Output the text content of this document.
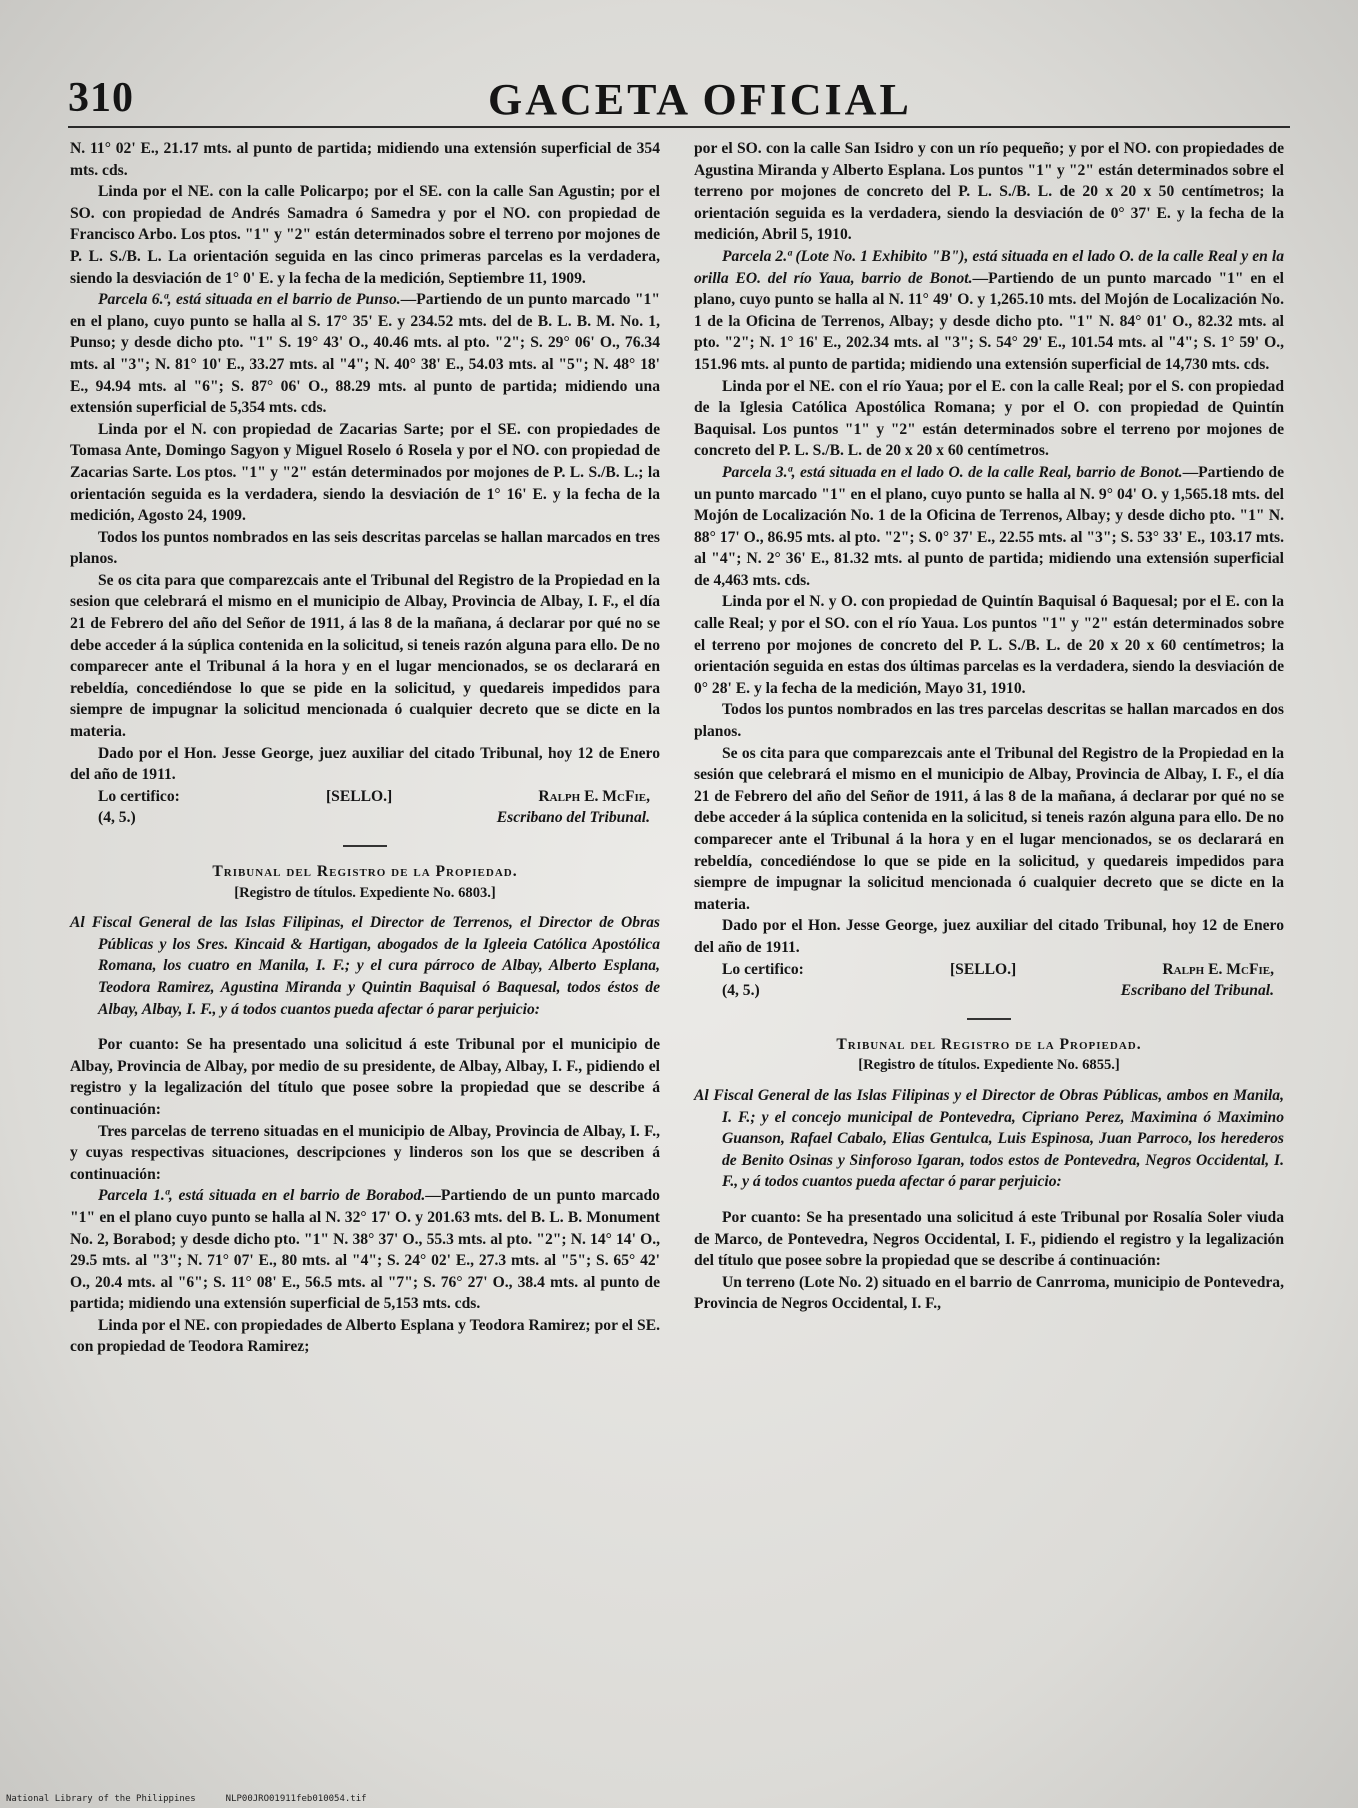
310	GACETA OFICIAL

N. 11° 02' E., 21.17 mts. al punto de partida; midiendo una extensión superficial de 354 mts. cds.

Linda por el NE. con la calle Policarpo; por el SE. con la calle San Agustin; por el SO. con propiedad de Andrés Samadra ó Samedra y por el NO. con propiedad de Francisco Arbo. Los ptos. "1" y "2" están determinados sobre el terreno por mojones de P. L. S./B. L. La orientación seguida en las cinco primeras parcelas es la verdadera, siendo la desviación de 1° 0' E. y la fecha de la medición, Septiembre 11, 1909.

Parcela 6.ª, está situada en el barrio de Punso.—Partiendo de un punto marcado "1" en el plano, cuyo punto se halla al S. 17° 35' E. y 234.52 mts. del de B. L. B. M. No. 1, Punso; y desde dicho pto. "1" S. 19° 43' O., 40.46 mts. al pto. "2"; S. 29° 06' O., 76.34 mts. al "3"; N. 81° 10' E., 33.27 mts. al "4"; N. 40° 38' E., 54.03 mts. al "5"; N. 48° 18' E., 94.94 mts. al "6"; S. 87° 06' O., 88.29 mts. al punto de partida; midiendo una extensión superficial de 5,354 mts. cds.

Linda por el N. con propiedad de Zacarias Sarte; por el SE. con propiedades de Tomasa Ante, Domingo Sagyon y Miguel Roselo ó Rosela y por el NO. con propiedad de Zacarias Sarte. Los ptos. "1" y "2" están determinados por mojones de P. L. S./B. L.; la orientación seguida es la verdadera, siendo la desviación de 1° 16' E. y la fecha de la medición, Agosto 24, 1909.

Todos los puntos nombrados en las seis descritas parcelas se hallan marcados en tres planos.

Se os cita para que comparezcais ante el Tribunal del Registro de la Propiedad en la sesion que celebrará el mismo en el municipio de Albay, Provincia de Albay, I. F., el día 21 de Febrero del año del Señor de 1911, á las 8 de la mañana, á declarar por qué no se debe acceder á la súplica contenida en la solicitud, si teneis razón alguna para ello. De no comparecer ante el Tribunal á la hora y en el lugar mencionados, se os declarará en rebeldía, concediéndose lo que se pide en la solicitud, y quedareis impedidos para siempre de impugnar la solicitud mencionada ó cualquier decreto que se dicte en la materia.

Dado por el Hon. Jesse George, juez auxiliar del citado Tribunal, hoy 12 de Enero del año de 1911.

Lo certifico:	[SELLO.]	Ralph E. McFie,
(4, 5.)	Escribano del Tribunal.
Tribunal del Registro de la Propiedad.
[Registro de títulos. Expediente No. 6803.]

Al Fiscal General de las Islas Filipinas, el Director de Terrenos, el Director de Obras Públicas y los Sres. Kincaid & Hartigan, abogados de la Igleeia Católica Apostólica Romana, los cuatro en Manila, I. F.; y el cura párroco de Albay, Alberto Esplana, Teodora Ramirez, Agustina Miranda y Quintin Baquisal ó Baquesal, todos éstos de Albay, Albay, I. F., y á todos cuantos pueda afectar ó parar perjuicio:

Por cuanto: Se ha presentado una solicitud á este Tribunal por el municipio de Albay, Provincia de Albay, por medio de su presidente, de Albay, Albay, I. F., pidiendo el registro y la legalización del título que posee sobre la propiedad que se describe á continuación:

Tres parcelas de terreno situadas en el municipio de Albay, Provincia de Albay, I. F., y cuyas respectivas situaciones, descripciones y linderos son los que se describen á continuación:

Parcela 1.ª, está situada en el barrio de Borabod.—Partiendo de un punto marcado "1" en el plano cuyo punto se halla al N. 32° 17' O. y 201.63 mts. del B. L. B. Monument No. 2, Borabod; y desde dicho pto. "1" N. 38° 37' O., 55.3 mts. al pto. "2"; N. 14° 14' O., 29.5 mts. al "3"; N. 71° 07' E., 80 mts. al "4"; S. 24° 02' E., 27.3 mts. al "5"; S. 65° 42' O., 20.4 mts. al "6"; S. 11° 08' E., 56.5 mts. al "7"; S. 76° 27' O., 38.4 mts. al punto de partida; midiendo una extensión superficial de 5,153 mts. cds.

Linda por el NE. con propiedades de Alberto Esplana y Teodora Ramirez; por el SE. con propiedad de Teodora Ramirez;

por el SO. con la calle San Isidro y con un río pequeño; y por el NO. con propiedades de Agustina Miranda y Alberto Esplana. Los puntos "1" y "2" están determinados sobre el terreno por mojones de concreto del P. L. S./B. L. de 20 x 20 x 50 centímetros; la orientación seguida es la verdadera, siendo la desviación de 0° 37' E. y la fecha de la medición, Abril 5, 1910.

Parcela 2.ª (Lote No. 1 Exhibito "B"), está situada en el lado O. de la calle Real y en la orilla EO. del río Yaua, barrio de Bonot.—Partiendo de un punto marcado "1" en el plano, cuyo punto se halla al N. 11° 49' O. y 1,265.10 mts. del Mojón de Localización No. 1 de la Oficina de Terrenos, Albay; y desde dicho pto. "1" N. 84° 01' O., 82.32 mts. al pto. "2"; N. 1° 16' E., 202.34 mts. al "3"; S. 54° 29' E., 101.54 mts. al "4"; S. 1° 59' O., 151.96 mts. al punto de partida; midiendo una extensión superficial de 14,730 mts. cds.

Linda por el NE. con el río Yaua; por el E. con la calle Real; por el S. con propiedad de la Iglesia Católica Apostólica Romana; y por el O. con propiedad de Quintín Baquisal. Los puntos "1" y "2" están determinados sobre el terreno por mojones de concreto del P. L. S./B. L. de 20 x 20 x 60 centímetros.

Parcela 3.ª, está situada en el lado O. de la calle Real, barrio de Bonot.—Partiendo de un punto marcado "1" en el plano, cuyo punto se halla al N. 9° 04' O. y 1,565.18 mts. del Mojón de Localización No. 1 de la Oficina de Terrenos, Albay; y desde dicho pto. "1" N. 88° 17' O., 86.95 mts. al pto. "2"; S. 0° 37' E., 22.55 mts. al "3"; S. 53° 33' E., 103.17 mts. al "4"; N. 2° 36' E., 81.32 mts. al punto de partida; midiendo una extensión superficial de 4,463 mts. cds.

Linda por el N. y O. con propiedad de Quintín Baquisal ó Baquesal; por el E. con la calle Real; y por el SO. con el río Yaua. Los puntos "1" y "2" están determinados sobre el terreno por mojones de concreto del P. L. S./B. L. de 20 x 20 x 60 centímetros; la orientación seguida en estas dos últimas parcelas es la verdadera, siendo la desviación de 0° 28' E. y la fecha de la medición, Mayo 31, 1910.

Todos los puntos nombrados en las tres parcelas descritas se hallan marcados en dos planos.

Se os cita para que comparezcais ante el Tribunal del Registro de la Propiedad en la sesión que celebrará el mismo en el municipio de Albay, Provincia de Albay, I. F., el día 21 de Febrero del año del Señor de 1911, á las 8 de la mañana, á declarar por qué no se debe acceder á la súplica contenida en la solicitud, si teneis razón alguna para ello. De no comparecer ante el Tribunal á la hora y en el lugar mencionados, se os declarará en rebeldía, concediéndose lo que se pide en la solicitud, y quedareis impedidos para siempre de impugnar la solicitud mencionada ó cualquier decreto que se dicte en la materia.

Dado por el Hon. Jesse George, juez auxiliar del citado Tribunal, hoy 12 de Enero del año de 1911.

Lo certifico:	[SELLO.]	Ralph E. McFie,
(4, 5.)	Escribano del Tribunal.
Tribunal del Registro de la Propiedad.
[Registro de títulos. Expediente No. 6855.]

Al Fiscal General de las Islas Filipinas y el Director de Obras Públicas, ambos en Manila, I. F.; y el concejo municipal de Pontevedra, Cipriano Perez, Maximina ó Maximino Guanson, Rafael Cabalo, Elias Gentulca, Luis Espinosa, Juan Parroco, los herederos de Benito Osinas y Sinforoso Igaran, todos estos de Pontevedra, Negros Occidental, I. F., y á todos cuantos pueda afectar ó parar perjuicio:

Por cuanto: Se ha presentado una solicitud á este Tribunal por Rosalía Soler viuda de Marco, de Pontevedra, Negros Occidental, I. F., pidiendo el registro y la legalización del título que posee sobre la propiedad que se describe á continuación:

Un terreno (Lote No. 2) situado en el barrio de Canrroma, municipio de Pontevedra, Provincia de Negros Occidental, I. F.,

National Library of the Philippines	NLP00JRO01911feb010054.tif
